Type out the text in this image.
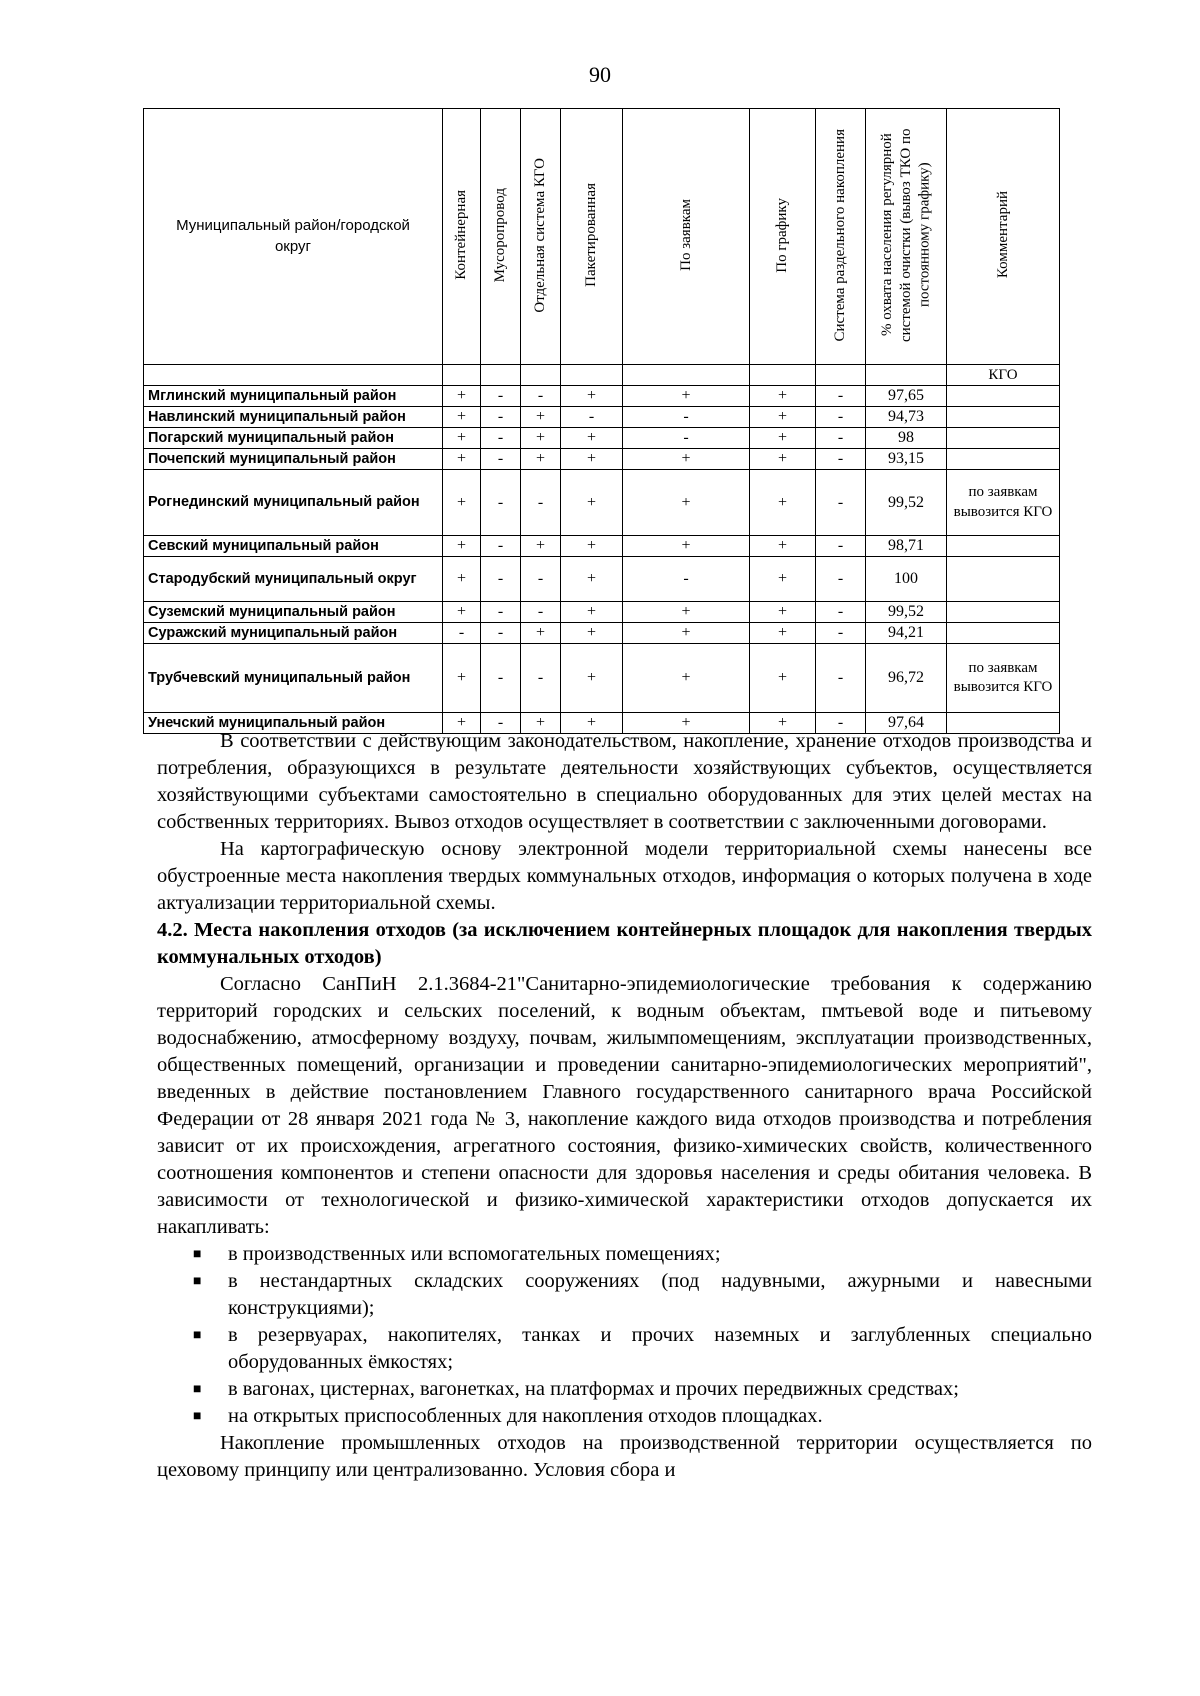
90
Муниципальный район/городской округ	Контейнерная	Мусоропровод	Отдельная система КГО	Пакетированная	По заявкам	По графику	Система раздельного накопления	% охвата населения регулярной системой очистки (вывоз ТКО по постоянному графику)	Комментарий
									КГО
Мглинский муниципальный район	+	-	-	+	+	+	-	97,65	
Навлинский муниципальный район	+	-	+	-	-	+	-	94,73	
Погарский муниципальный район	+	-	+	+	-	+	-	98	
Почепский муниципальный район	+	-	+	+	+	+	-	93,15	
Рогнединский муниципальный район	+	-	-	+	+	+	-	99,52	по заявкам вывозится КГО
Севский муниципальный район	+	-	+	+	+	+	-	98,71	
Стародубский муниципальный округ	+	-	-	+	-	+	-	100	
Суземский муниципальный район	+	-	-	+	+	+	-	99,52	
Суражский муниципальный район	-	-	+	+	+	+	-	94,21	
Трубчевский муниципальный район	+	-	-	+	+	+	-	96,72	по заявкам вывозится КГО
Унечский муниципальный район	+	-	+	+	+	+	-	97,64	

В соответствии с действующим законодательством, накопление, хранение отходов производства и потребления, образующихся в результате деятельности хозяйствующих субъектов, осуществляется хозяйствующими субъектами самостоятельно в специально оборудованных для этих целей местах на собственных территориях. Вывоз отходов осуществляет в соответствии с заключенными договорами.

На картографическую основу электронной модели территориальной схемы нанесены все обустроенные места накопления твердых коммунальных отходов, информация о которых получена в ходе актуализации территориальной схемы.

4.2. Места накопления отходов (за исключением контейнерных площадок для накопления твердых коммунальных отходов)

Согласно СанПиН 2.1.3684-21"Санитарно-эпидемиологические требования к содержанию территорий городских и сельских поселений, к водным объектам, пмтьевой воде и питьевому водоснабжению, атмосферному воздуху, почвам, жилымпомещениям, эксплуатации производственных, общественных помещений, организации и проведении санитарно-эпидемиологических мероприятий", введенных в действие постановлением Главного государственного санитарного врача Российской Федерации от 28 января 2021 года № 3, накопление каждого вида отходов производства и потребления зависит от их происхождения, агрегатного состояния, физико-химических свойств, количественного соотношения компонентов и степени опасности для здоровья населения и среды обитания человека. В зависимости от технологической и физико-химической характеристики отходов допускается их накапливать:

■ в производственных или вспомогательных помещениях;
■ в нестандартных складских сооружениях (под надувными, ажурными и навесными конструкциями);
■ в резервуарах, накопителях, танках и прочих наземных и заглубленных специально оборудованных ёмкостях;
■ в вагонах, цистернах, вагонетках, на платформах и прочих передвижных средствах;
■ на открытых приспособленных для накопления отходов площадках.

Накопление промышленных отходов на производственной территории осуществляется по цеховому принципу или централизованно. Условия сбора и
